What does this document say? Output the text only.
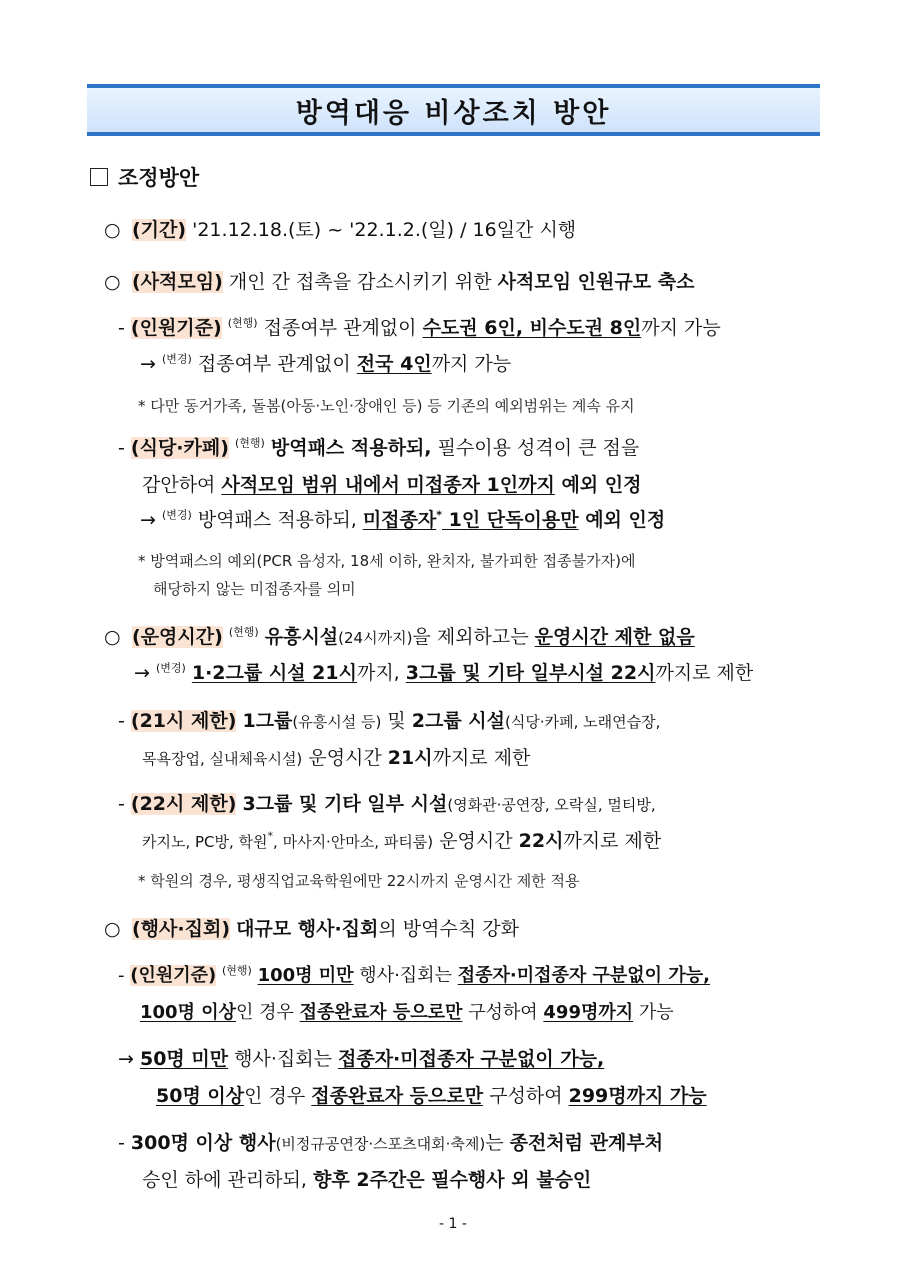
방역대응 비상조치 방안
조정방안
○ (기간) '21.12.18.(토) ~ '22.1.2.(일) / 16일간 시행
○ (사적모임) 개인 간 접촉을 감소시키기 위한 사적모임 인원규모 축소
- (인원기준) $^{(현행)}$ 접종여부 관계없이 수도권 6인, 비수도권 8인까지 가능
→ $^{(변경)}$ 접종여부 관계없이 전국 4인까지 가능
* 다만 동거가족, 돌봄(아동·노인·장애인 등) 등 기존의 예외범위는 계속 유지
- (식당·카페) $^{(현행)}$ 방역패스 적용하되, 필수이용 성격이 큰 점을
감안하여 사적모임 범위 내에서 미접종자 1인까지 예외 인정
→ $^{(변경)}$ 방역패스 적용하되, 미접종자* 1인 단독이용만 예외 인정
* 방역패스의 예외(PCR 음성자, 18세 이하, 완치자, 불가피한 접종불가자)에
해당하지 않는 미접종자를 의미
○ (운영시간) $^{(현행)}$ 유흥시설(24시까지)을 제외하고는 운영시간 제한 없음
→ $^{(변경)}$ 1·2그룹 시설 21시까지, 3그룹 및 기타 일부시설 22시까지로 제한
- (21시 제한) 1그룹(유흥시설 등) 및 2그룹 시설(식당·카페, 노래연습장,
목욕장업, 실내체육시설) 운영시간 21시까지로 제한
- (22시 제한) 3그룹 및 기타 일부 시설(영화관·공연장, 오락실, 멀티방,
카지노, PC방, 학원*, 마사지·안마소, 파티룸) 운영시간 22시까지로 제한
* 학원의 경우, 평생직업교육학원에만 22시까지 운영시간 제한 적용
○ (행사·집회) 대규모 행사·집회의 방역수칙 강화
- (인원기준) $^{(현행)}$ 100명 미만 행사·집회는 접종자·미접종자 구분없이 가능,
100명 이상인 경우 접종완료자 등으로만 구성하여 499명까지 가능
→ 50명 미만 행사·집회는 접종자·미접종자 구분없이 가능,
50명 이상인 경우 접종완료자 등으로만 구성하여 299명까지 가능
- 300명 이상 행사(비정규공연장·스포츠대회·축제)는 종전처럼 관계부처
승인 하에 관리하되, 향후 2주간은 필수행사 외 불승인
- 1 -
